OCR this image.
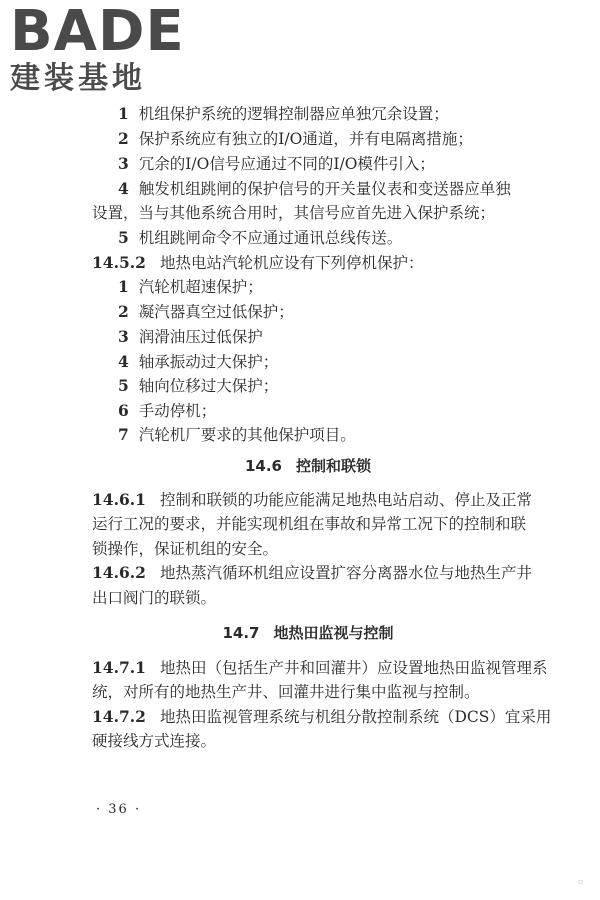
BADE
建装基地
1 机组保护系统的逻辑控制器应单独冗余设置；
2 保护系统应有独立的I/O通道，并有电隔离措施；
3 冗余的I/O信号应通过不同的I/O模件引入；
4 触发机组跳闸的保护信号的开关量仪表和变送器应单独
设置，当与其他系统合用时，其信号应首先进入保护系统；
5 机组跳闸命令不应通过通讯总线传送。
14.5.2 地热电站汽轮机应设有下列停机保护：
1 汽轮机超速保护；
2 凝汽器真空过低保护；
3 润滑油压过低保护
4 轴承振动过大保护；
5 轴向位移过大保护；
6 手动停机；
7 汽轮机厂要求的其他保护项目。
14.6 控制和联锁
14.6.1 控制和联锁的功能应能满足地热电站启动、停止及正常
运行工况的要求，并能实现机组在事故和异常工况下的控制和联
锁操作，保证机组的安全。
14.6.2 地热蒸汽循环机组应设置扩容分离器水位与地热生产井
出口阀门的联锁。
14.7 地热田监视与控制
14.7.1 地热田（包括生产井和回灌井）应设置地热田监视管理系
统，对所有的地热生产井、回灌井进行集中监视与控制。
14.7.2 地热田监视管理系统与机组分散控制系统（DCS）宜采用
硬接线方式连接。
· 36 ·
▫
